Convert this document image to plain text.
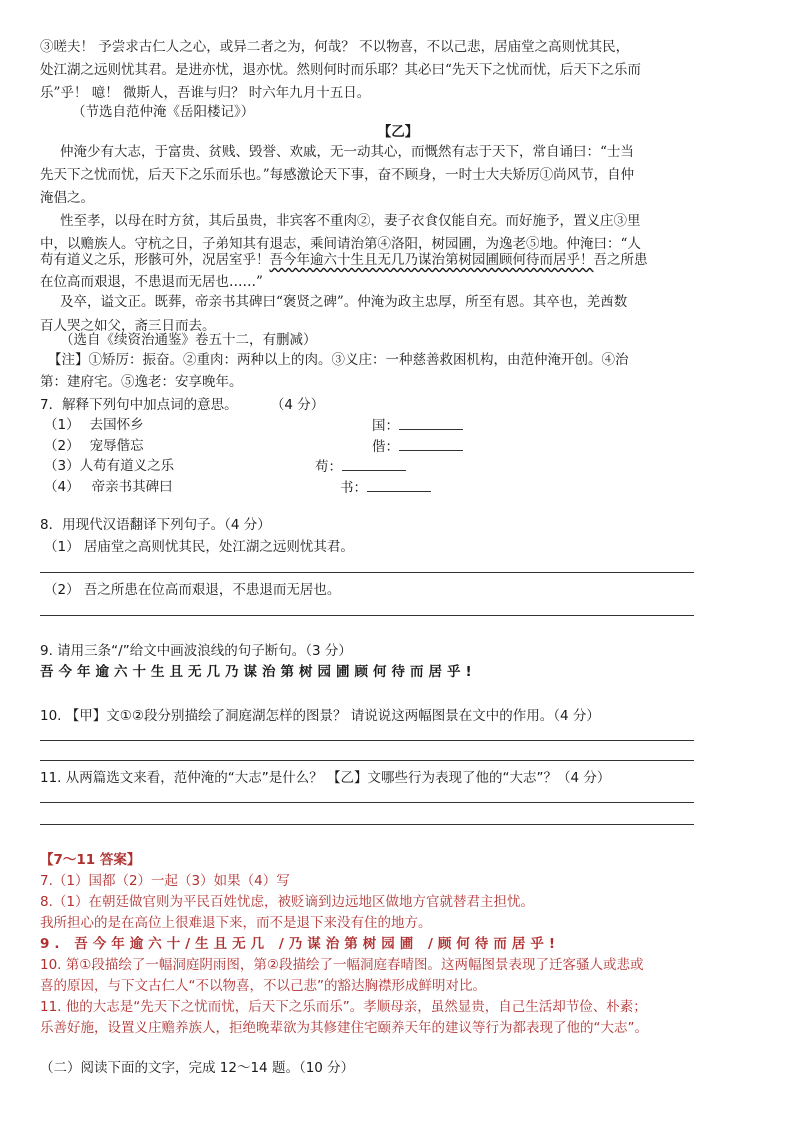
③嗟夫！ 予尝求古仁人之心，或异二者之为，何哉？ 不以物喜，不以己悲，居庙堂之高则忧其民，
处江湖之远则忧其君。是进亦忧，退亦忧。然则何时而乐耶？其必曰“先天下之忧而忧，后天下之乐而
乐”乎！ 噫！ 微斯人，吾谁与归？ 时六年九月十五日。
（节选自范仲淹《岳阳楼记》）
【乙】
仲淹少有大志，于富贵、贫贱、毁誉、欢戚，无一动其心，而慨然有志于天下，常自诵曰：“士当
先天下之忧而忧，后天下之乐而乐也。”每感激论天下事，奋不顾身，一时士大夫矫厉①尚风节，自仲
淹倡之。
性至孝，以母在时方贫，其后虽贵，非宾客不重肉②，妻子衣食仅能自充。而好施予，置义庄③里
中，以赡族人。守杭之日，子弟知其有退志，乘间请治第④洛阳，树园圃，为逸老⑤地。仲淹曰：“人
苟有道义之乐，形骸可外，况居室乎！吾今年逾六十生且无几乃谋治第树园圃顾何待而居乎！吾之所患
在位高而艰退，不患退而无居也……”
及卒，谥文正。既葬，帝亲书其碑曰“褒贤之碑”。仲淹为政主忠厚，所至有恩。其卒也，羌酋数
百人哭之如父，斋三日而去。
（选自《续资治通鉴》卷五十二，有删减）
【注】①矫厉：振奋。②重肉：两种以上的肉。③义庄：一种慈善救困机构，由范仲淹开创。④治
第：建府宅。⑤逸老：安享晚年。
7．解释下列句中加点词的意思。	（4 分）
（1） 去国怀乡	国：
（2） 宠辱偕忘	偕：
（3）人苟有道义之乐	苟：
（4） 帝亲书其碑曰	书：
8．用现代汉语翻译下列句子。（4 分）
（1） 居庙堂之高则忧其民，处江湖之远则忧其君。
（2） 吾之所患在位高而艰退，不患退而无居也。
9. 请用三条“/”给文中画波浪线的句子断句。（3 分）
吾今年逾六十生且无几乃谋治第树园圃顾何待而居乎!
10. 【甲】文①②段分别描绘了洞庭湖怎样的图景？ 请说说这两幅图景在文中的作用。（4 分）
11. 从两篇选文来看，范仲淹的“大志”是什么？ 【乙】文哪些行为表现了他的“大志”？（4 分）
【7～11 答案】
7.（1）国都（2）一起（3）如果（4）写
8.（1）在朝廷做官则为平民百姓忧虑，被贬谪到边远地区做地方官就替君主担忧。
我所担心的是在高位上很难退下来，而不是退下来没有住的地方。
9. 吾今年逾六十/生且无几 /乃谋治第树园圃 /顾何待而居乎!
10. 第①段描绘了一幅洞庭阴雨图，第②段描绘了一幅洞庭春晴图。这两幅图景表现了迁客骚人或悲或
喜的原因，与下文古仁人“不以物喜，不以己悲”的豁达胸襟形成鲜明对比。
11. 他的大志是“先天下之忧而忧，后天下之乐而乐”。孝顺母亲，虽然显贵，自己生活却节俭、朴素；
乐善好施，设置义庄赡养族人，拒绝晚辈欲为其修建住宅颐养天年的建议等行为都表现了他的“大志”。
（二）阅读下面的文字，完成 12～14 题。（10 分）
